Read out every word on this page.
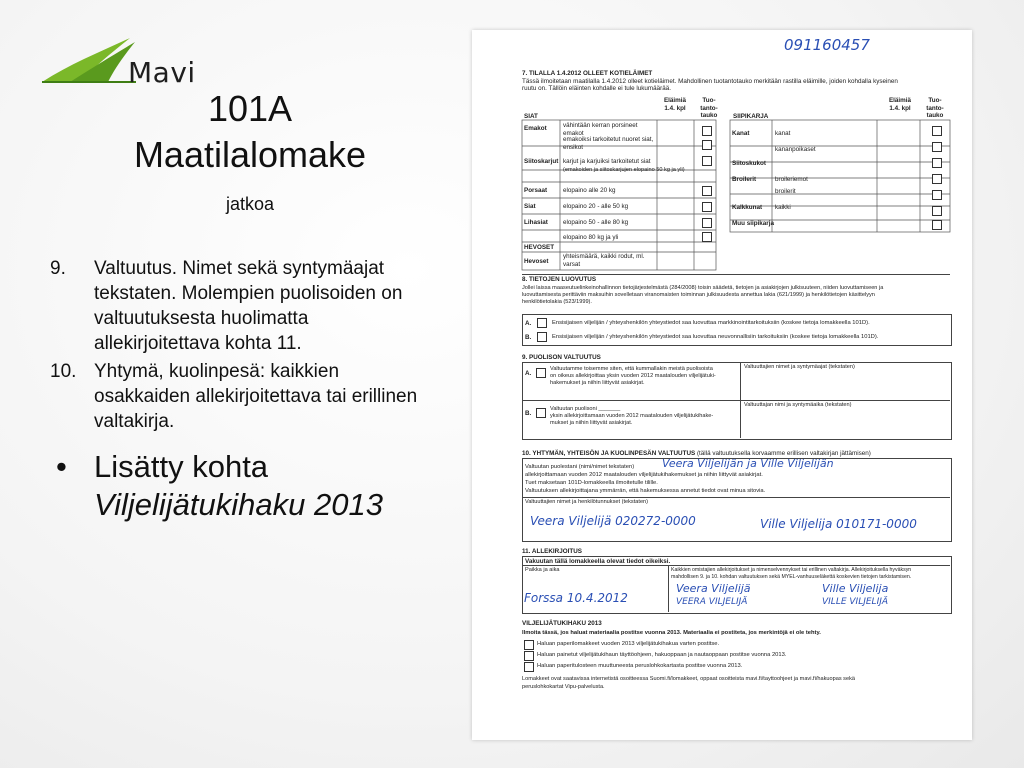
Mavi
101A
Maatilalomake
jatkoa
9. Valtuutus. Nimet sekä syntymäajat tekstaten. Molempien puolisoiden on valtuutuksesta huolimatta allekirjoitettava kohta 11.
10. Yhtymä, kuolinpesä: kaikkien osakkaiden allekirjoitettava tai erillinen valtakirja.
• Lisätty kohta
Viljelijätukihaku 2013
091160457
7. TILALLA 1.4.2012 OLLEET KOTIELÄIMET
Tässä ilmoitetaan maatilalla 1.4.2012 olleet kotieläimet. Mahdollinen tuotantotauko merkitään rastilla eläimille, joiden kohdalla kyseinen
ruutu on. Tällöin eläinten kohdalle ei tule lukumäärää.
Eläimiä 1.4. kpl
Tuo- tanto- tauko
Eläimiä 1.4. kpl
Tuo- tanto- tauko
SIAT	SIIPIKARJA
Emakot	vähintään kerran porsineet emakot
emakoiksi tarkoitetut nuoret siat, ensikot
Siitoskarjut karjut ja karjuiksi tarkoitetut siat
(emakoiden ja siitoskarjujen elopaino 50 kg ja yli)
Porsaat	elopaino alle 20 kg
Siat	elopaino 20 - alle 50 kg
Lihasiat elopaino 50 - alle 80 kg
elopaino 80 kg ja yli
HEVOSET
Hevoset
yhteismäärä, kaikki rodut, ml. varsat
Kanat	kanat
kananpoikaset
Siitoskukot
Broilerit	broileriemot
broilerit
Kalkkunat kaikki
Muu siipikarja
8. TIETOJEN LUOVUTUS
Jollei laissa maaseutuelinkeinohallinnon tietojärjestelmästä (284/2008) toisin säädetä, tietojen ja asiakirjojen julkisuuteen, niiden luovuttamiseen ja
luovuttamisesta perittäviin maksuihin sovelletaan viranomaisten toiminnan julkisuudesta annettua lakia (621/1999) ja henkilötietojen käsittelyyn
henkilötietolakia (523/1999).
A.	Ensisijaisen viljelijän / yhteyshenkilön yhteystiedot saa luovuttaa markkinointitarkoituksiin (koskee tietoja lomakkeella 101D).
B.	Ensisijaisen viljelijän / yhteyshenkilön yhteystiedot saa luovuttaa neuvonnallisiin tarkoituksiin (koskee tietoja lomakkeella 101D).
9. PUOLISON VALTUUTUS
A.
Valtuutamme toisemme siten, että kummallakin meistä puolisoista
on oikeus allekirjoittaa yksin vuoden 2012 maatalouden viljelijätuki-
hakemukset ja niihin liittyvät asiakirjat.
Valtuuttajien nimet ja syntymäajat (tekstaten)
B.
Valtuutan puolisoni _______
yksin allekirjoittamaan vuoden 2012 maatalouden viljelijätukihake-
mukset ja niihin liittyvät asiakirjat.
Valtuuttajan nimi ja syntymäaika (tekstaten)
10. YHTYMÄN, YHTEISÖN JA KUOLINPESÄN VALTUUTUS (tällä valtuutuksella korvaamme erillisen valtakirjan jättämisen)
Valtuutan puolestani (nimi/nimet tekstaten)
allekirjoittamaan vuoden 2012 maatalouden viljelijätukihakemukset ja niihin liittyvät asiakirjat.
Tuet maksetaan 101D-lomakkeella ilmoitetulle tilille.
Valtuutuksen allekirjoittajana ymmärrän, että hakemuksessa annetut tiedot ovat minua sitovia.
Valtuuttajien nimet ja henkilötunnukset (tekstaten)
Veera Viljelijän ja Ville Viljelijän
Veera Viljelijä 020272-0000	Ville Viljelija 010171-0000
11. ALLEKIRJOITUS
Vakuutan tällä lomakkeella olevat tiedot oikeiksi.
Paikka ja aika	Kaikkien omistajien allekirjoitukset ja nimenselvennykset tai erillinen valtakirja. Allekirjoituksella hyväksyn
mahdollisen 9. ja 10. kohdan valtuutuksen sekä MYEL-vanhuuseläkettä koskevien tietojen tarkistamisen.
Forssa 10.4.2012
Veera Viljelijä
VEERA VILJELIJÄ
Ville Viljelija
VILLE VILJELIJÄ
VILJELIJÄTUKIHAKU 2013
Ilmoita tässä, jos haluat materiaalia postitse vuonna 2013. Materiaalia ei postiteta, jos merkintöjä ei ole tehty.
Haluan paperilomakkeet vuoden 2013 viljelijätukihakua varten postitse.
Haluan painetut viljelijätukihaun täyttöohjeen, hakuoppaan ja nautaoppaan postitse vuonna 2013.
Haluan paperitulosteen muuttuneesta peruslohkokartasta postitse vuonna 2013.
Lomakkeet ovat saatavissa internetistä osoitteessa Suomi.fi/lomakkeet, oppaat osoitteista mavi.fi/tayttoohjeet ja mavi.fi/hakuopas sekä
peruslohkokartat Vipu-palvelusta.
